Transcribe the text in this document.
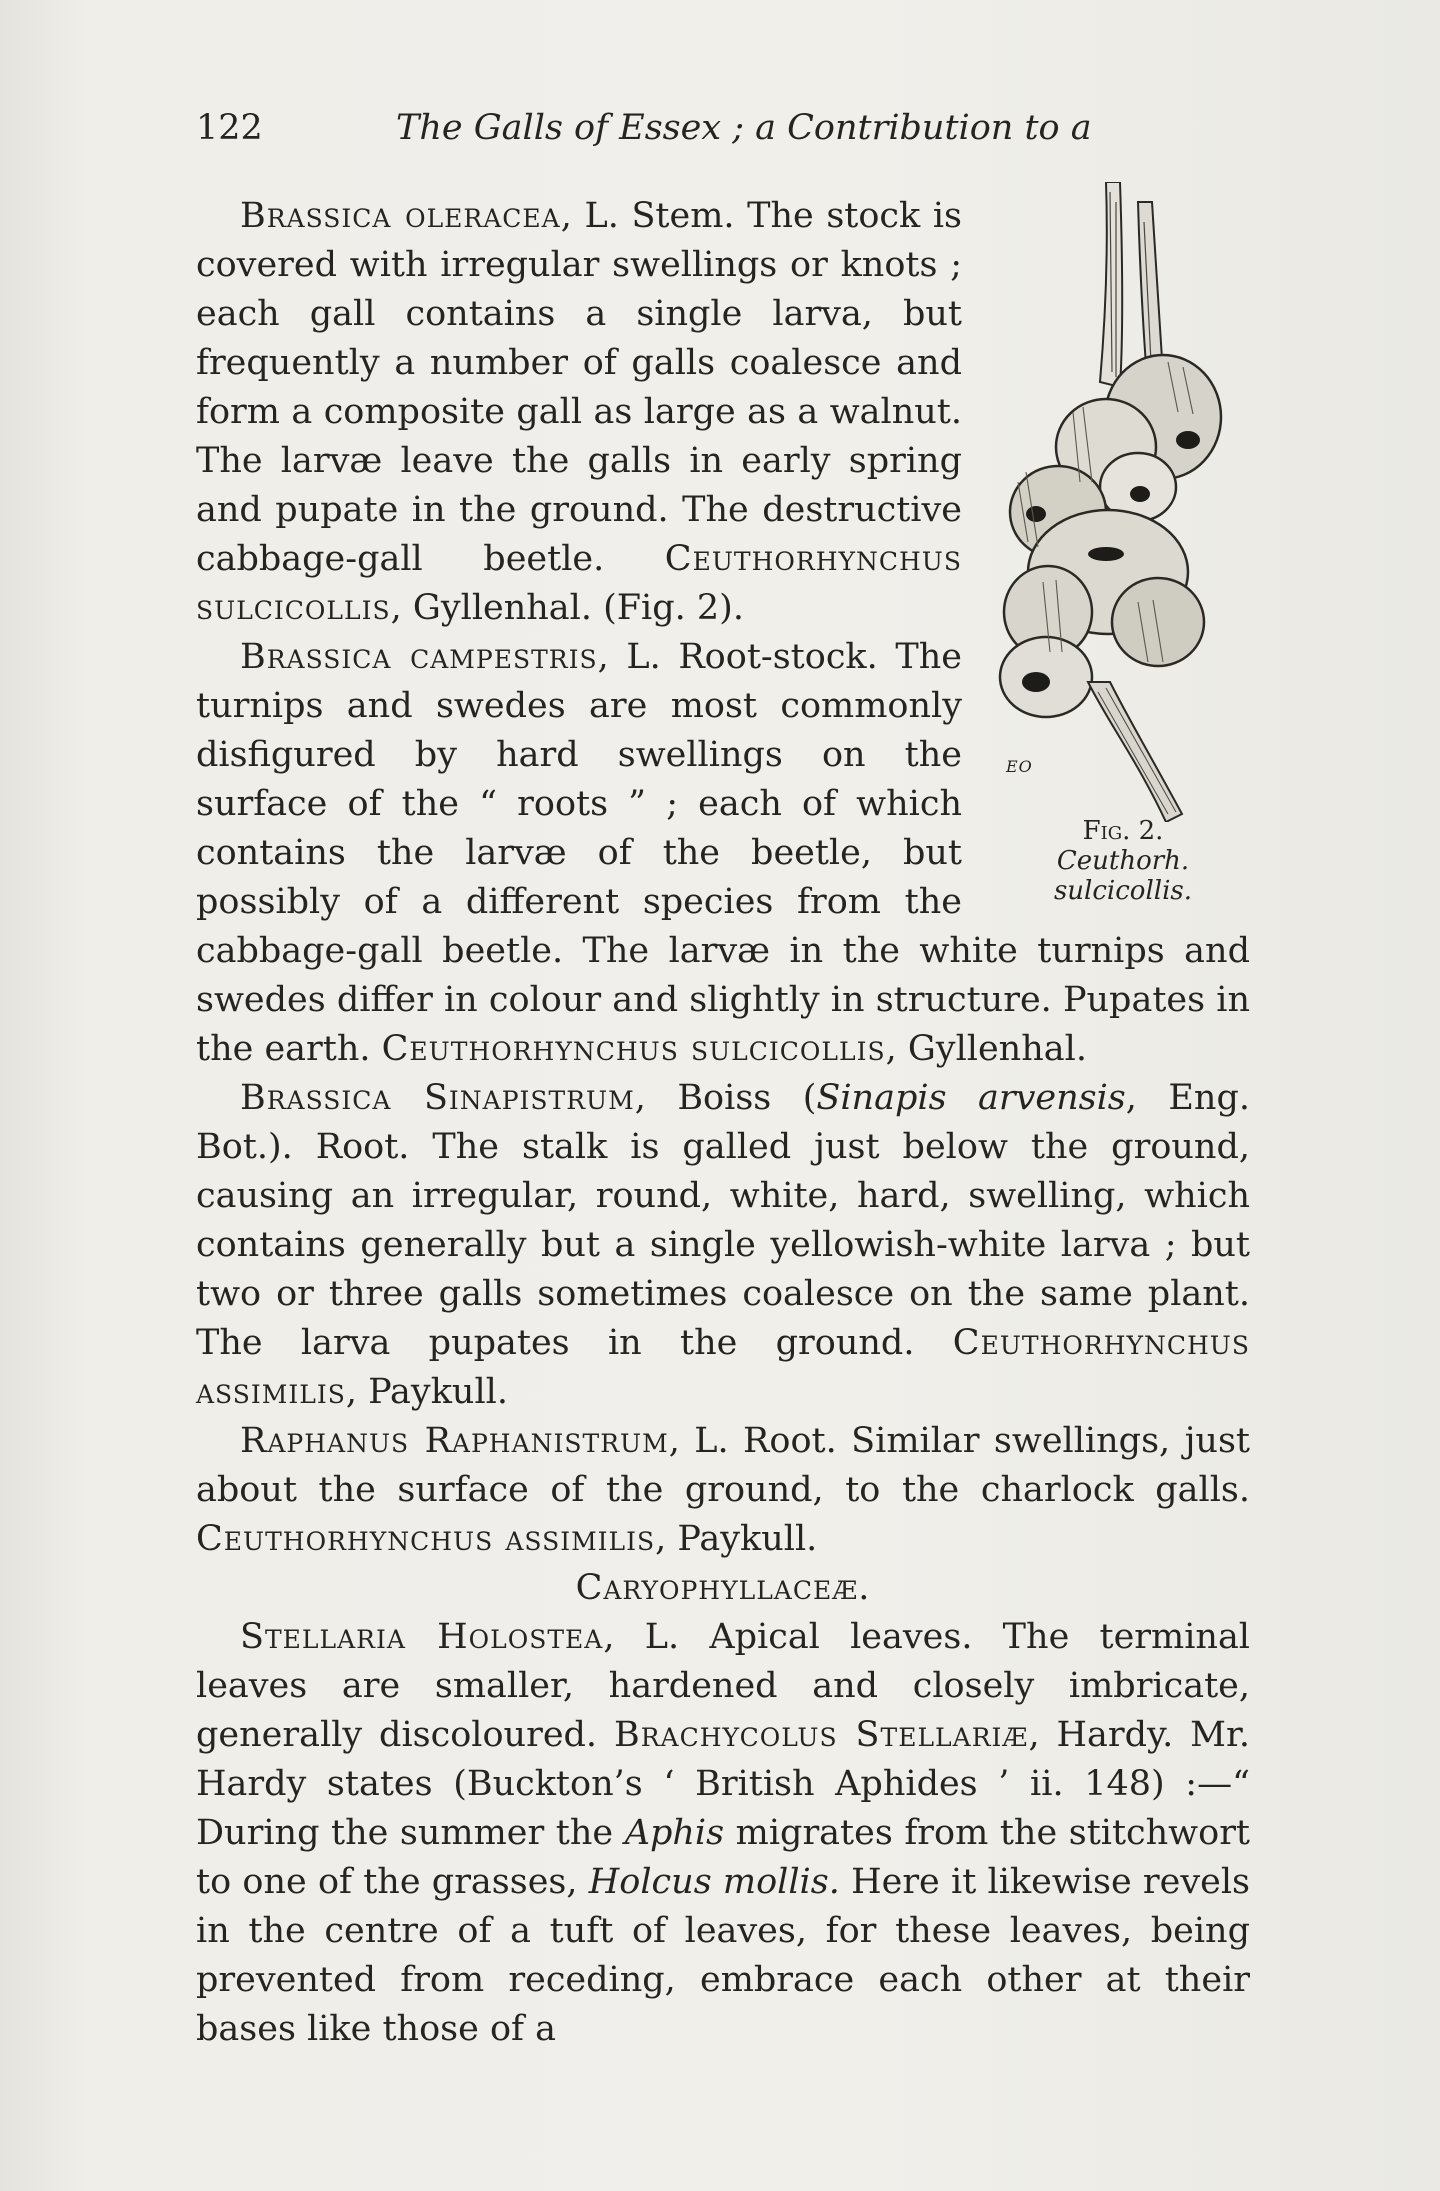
122	The Galls of Essex ; a Contribution to a
EO
Fig. 2.
Ceuthorh. sulcicollis.

Brassica oleracea, L. Stem. The stock is covered with irregular swellings or knots ; each gall contains a single larva, but frequently a number of galls coalesce and form a composite gall as large as a walnut. The larvæ leave the galls in early spring and pupate in the ground. The destructive cabbage-gall beetle. Ceuthorhynchus sulcicollis, Gyllenhal. (Fig. 2).

Brassica campestris, L. Root-stock. The turnips and swedes are most commonly disfigured by hard swellings on the surface of the “ roots ” ; each of which contains the larvæ of the beetle, but possibly of a different species from the cabbage-gall beetle. The larvæ in the white turnips and swedes differ in colour and slightly in structure. Pupates in the earth. Ceuthorhynchus sulcicollis, Gyllenhal.

Brassica Sinapistrum, Boiss (Sinapis arvensis, Eng. Bot.). Root. The stalk is galled just below the ground, causing an irregular, round, white, hard, swelling, which contains generally but a single yellowish-white larva ; but two or three galls sometimes coalesce on the same plant. The larva pupates in the ground. Ceuthorhynchus assimilis, Paykull.

Raphanus Raphanistrum, L. Root. Similar swellings, just about the surface of the ground, to the charlock galls. Ceuthorhynchus assimilis, Paykull.

Caryophyllaceæ.

Stellaria Holostea, L. Apical leaves. The terminal leaves are smaller, hardened and closely imbricate, generally discoloured. Brachycolus Stellariæ, Hardy. Mr. Hardy states (Buckton’s ‘ British Aphides ’ ii. 148) :—“ During the summer the Aphis migrates from the stitchwort to one of the grasses, Holcus mollis. Here it likewise revels in the centre of a tuft of leaves, for these leaves, being prevented from receding, embrace each other at their bases like those of a
